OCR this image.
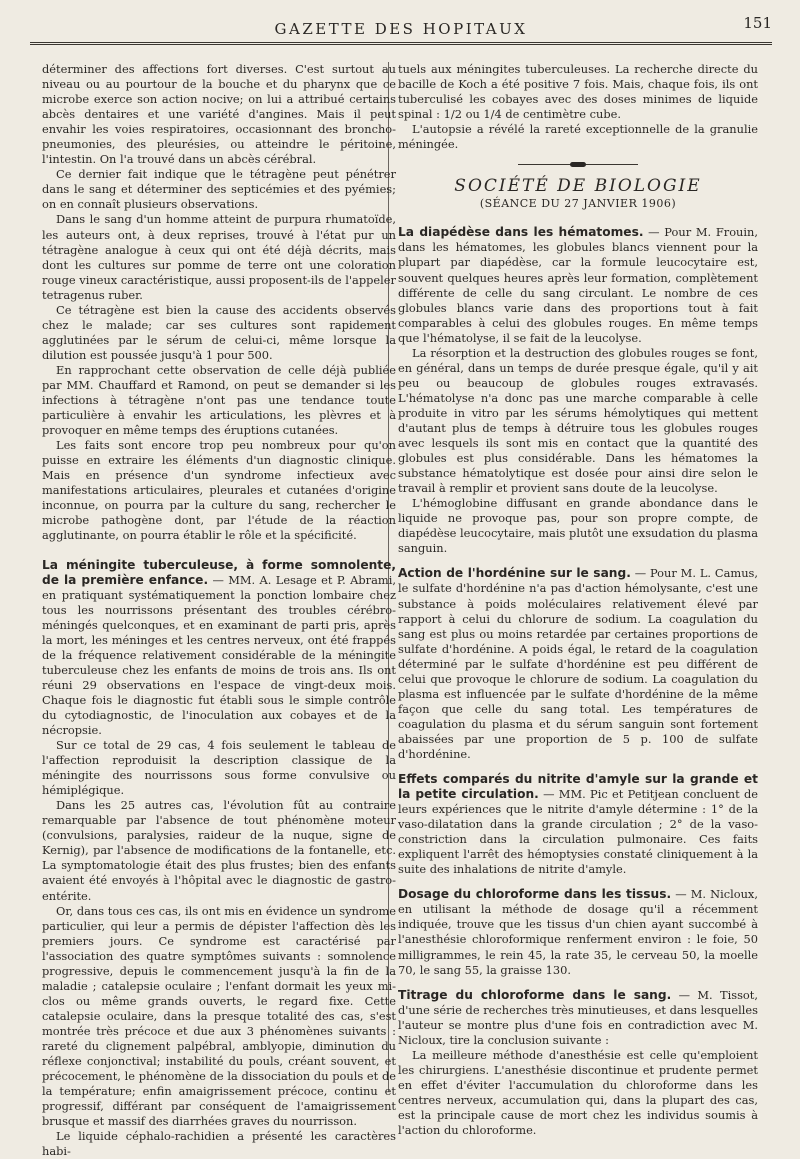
GAZETTE DES HOPITAUX	151

déterminer des affections fort diverses. C'est surtout au niveau ou au pourtour de la bouche et du pharynx que ce microbe exerce son action nocive; on lui a attribué certains abcès dentaires et une variété d'angines. Mais il peut envahir les voies respiratoires, occasionnant des broncho-pneumonies, des pleurésies, ou atteindre le péritoine, l'intestin. On l'a trouvé dans un abcès cérébral.

Ce dernier fait indique que le tétragène peut pénétrer dans le sang et déterminer des septicémies et des pyémies; on en connaît plusieurs observations.

Dans le sang d'un homme atteint de purpura rhumatoïde, les auteurs ont, à deux reprises, trouvé à l'état pur un tétragène analogue à ceux qui ont été déjà décrits, mais dont les cultures sur pomme de terre ont une coloration rouge vineux caractéristique, aussi proposent-ils de l'appeler tetragenus ruber.

Ce tétragène est bien la cause des accidents observés chez le malade; car ses cultures sont rapidement agglutinées par le sérum de celui-ci, même lorsque la dilution est poussée jusqu'à 1 pour 500.

En rapprochant cette observation de celle déjà publiée par MM. Chauffard et Ramond, on peut se demander si les infections à tétragène n'ont pas une tendance toute particulière à envahir les articulations, les plèvres et à provoquer en même temps des éruptions cutanées.

Les faits sont encore trop peu nombreux pour qu'on puisse en extraire les éléments d'un diagnostic clinique. Mais en présence d'un syndrome infectieux avec manifestations articulaires, pleurales et cutanées d'origine inconnue, on pourra par la culture du sang, rechercher le microbe pathogène dont, par l'étude de la réaction agglutinante, on pourra établir le rôle et la spécificité.

La méningite tuberculeuse, à forme somnolente, de la première enfance. — MM. A. Lesage et P. Abrami, en pratiquant systématiquement la ponction lombaire chez tous les nourrissons présentant des troubles cérébro-méningés quelconques, et en examinant de parti pris, après la mort, les méninges et les centres nerveux, ont été frappés de la fréquence relativement considérable de la méningite tuberculeuse chez les enfants de moins de trois ans. Ils ont réuni 29 observations en l'espace de vingt-deux mois. Chaque fois le diagnostic fut établi sous le simple contrôle du cytodiagnostic, de l'inoculation aux cobayes et de la nécropsie.

Sur ce total de 29 cas, 4 fois seulement le tableau de l'affection reproduisit la description classique de la méningite des nourrissons sous forme convulsive ou hémiplégique.

Dans les 25 autres cas, l'évolution fût au contraire remarquable par l'absence de tout phénomène moteur (convulsions, paralysies, raideur de la nuque, signe de Kernig), par l'absence de modifications de la fontanelle, etc. La symptomatologie était des plus frustes; bien des enfants avaient été envoyés à l'hôpital avec le diagnostic de gastro-entérite.

Or, dans tous ces cas, ils ont mis en évidence un syndrome particulier, qui leur a permis de dépister l'affection dès les premiers jours. Ce syndrome est caractérisé par l'association des quatre symptômes suivants : somnolence progressive, depuis le commencement jusqu'à la fin de la maladie ; catalepsie oculaire ; l'enfant dormait les yeux mi-clos ou même grands ouverts, le regard fixe. Cette catalepsie oculaire, dans la presque totalité des cas, s'est montrée très précoce et due aux 3 phénomènes suivants : rareté du clignement palpébral, amblyopie, diminution du réflexe conjonctival; instabilité du pouls, créant souvent, et précocement, le phénomène de la dissociation du pouls et de la température; enfin amaigrissement précoce, continu et progressif, différant par conséquent de l'amaigrissement brusque et massif des diarrhées graves du nourrisson.

Le liquide céphalo-rachidien a présenté les caractères habi-

tuels aux méningites tuberculeuses. La recherche directe du bacille de Koch a été positive 7 fois. Mais, chaque fois, ils ont tuberculisé les cobayes avec des doses minimes de liquide spinal : 1/2 ou 1/4 de centimètre cube.

L'autopsie a révélé la rareté exceptionnelle de la granulie méningée.

SOCIÉTÉ DE BIOLOGIE
(SÉANCE DU 27 JANVIER 1906)

La diapédèse dans les hématomes. — Pour M. Frouin, dans les hématomes, les globules blancs viennent pour la plupart par diapédèse, car la formule leucocytaire est, souvent quelques heures après leur formation, complètement différente de celle du sang circulant. Le nombre de ces globules blancs varie dans des proportions tout à fait comparables à celui des globules rouges. En même temps que l'hématolyse, il se fait de la leucolyse.

La résorption et la destruction des globules rouges se font, en général, dans un temps de durée presque égale, qu'il y ait peu ou beaucoup de globules rouges extravasés. L'hématolyse n'a donc pas une marche comparable à celle produite in vitro par les sérums hémolytiques qui mettent d'autant plus de temps à détruire tous les globules rouges avec lesquels ils sont mis en contact que la quantité des globules est plus considérable. Dans les hématomes la substance hématolytique est dosée pour ainsi dire selon le travail à remplir et provient sans doute de la leucolyse.

L'hémoglobine diffusant en grande abondance dans le liquide ne provoque pas, pour son propre compte, de diapédèse leucocytaire, mais plutôt une exsudation du plasma sanguin.

Action de l'hordénine sur le sang. — Pour M. L. Camus, le sulfate d'hordénine n'a pas d'action hémolysante, c'est une substance à poids moléculaires relativement élevé par rapport à celui du chlorure de sodium. La coagulation du sang est plus ou moins retardée par certaines proportions de sulfate d'hordénine. A poids égal, le retard de la coagulation déterminé par le sulfate d'hordénine est peu différent de celui que provoque le chlorure de sodium. La coagulation du plasma est influencée par le sulfate d'hordénine de la même façon que celle du sang total. Les températures de coagulation du plasma et du sérum sanguin sont fortement abaissées par une proportion de 5 p. 100 de sulfate d'hordénine.

Effets comparés du nitrite d'amyle sur la grande et la petite circulation. — MM. Pic et Petitjean concluent de leurs expériences que le nitrite d'amyle détermine : 1° de la vaso-dilatation dans la grande circulation ; 2° de la vaso-constriction dans la circulation pulmonaire. Ces faits expliquent l'arrêt des hémoptysies constaté cliniquement à la suite des inhalations de nitrite d'amyle.

Dosage du chloroforme dans les tissus. — M. Nicloux, en utilisant la méthode de dosage qu'il a récemment indiquée, trouve que les tissus d'un chien ayant succombé à l'anesthésie chloroformique renferment environ : le foie, 50 milligrammes, le rein 45, la rate 35, le cerveau 50, la moelle 70, le sang 55, la graisse 130.

Titrage du chloroforme dans le sang. — M. Tissot, d'une série de recherches très minutieuses, et dans lesquelles l'auteur se montre plus d'une fois en contradiction avec M. Nicloux, tire la conclusion suivante :

La meilleure méthode d'anesthésie est celle qu'emploient les chirurgiens. L'anesthésie discontinue et prudente permet en effet d'éviter l'accumulation du chloroforme dans les centres nerveux, accumulation qui, dans la plupart des cas, est la principale cause de mort chez les individus soumis à l'action du chloroforme.
